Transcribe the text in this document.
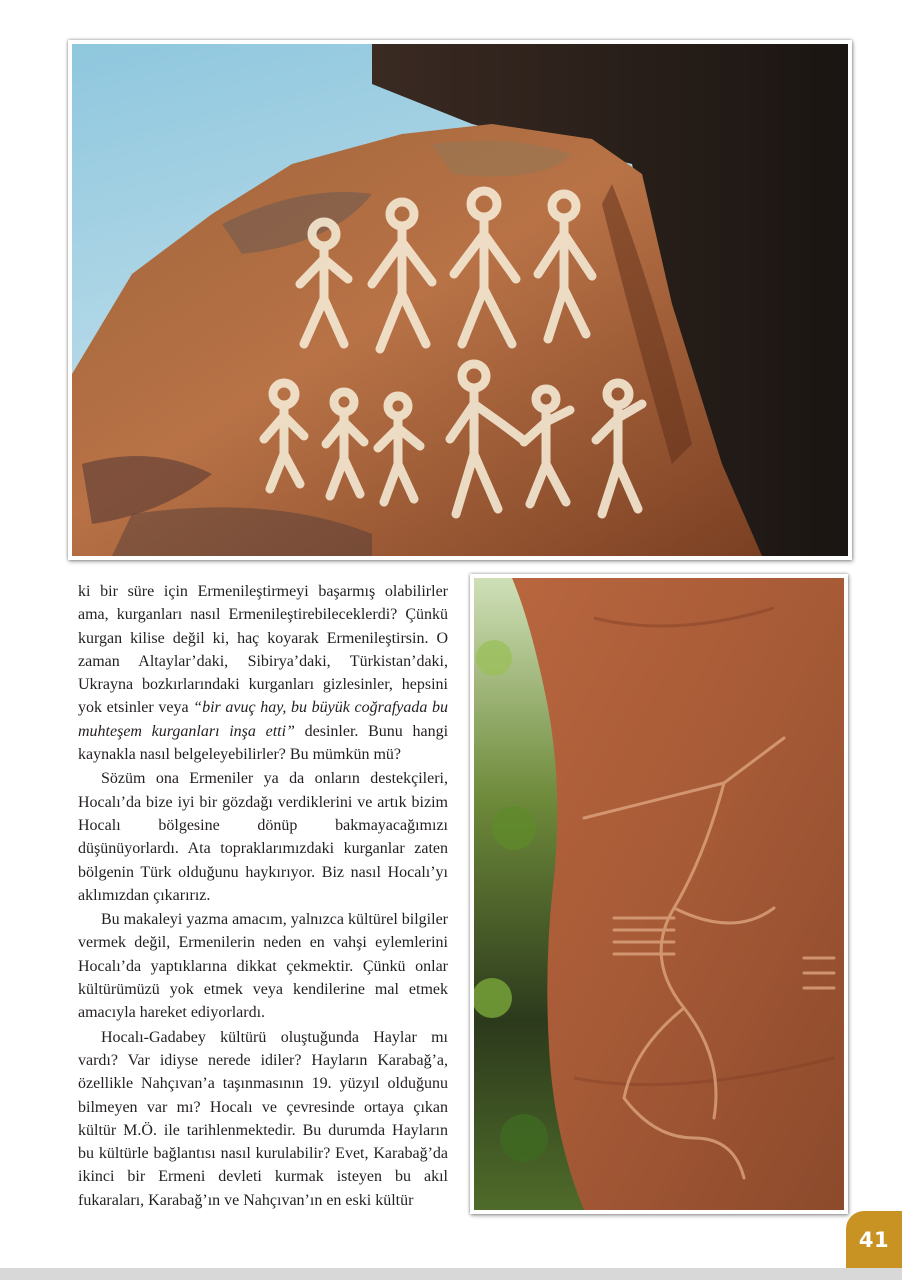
ki bir süre için Ermenileştirmeyi başarmış olabilirler ama, kurganları nasıl Ermenileştirebileceklerdi? Çünkü kurgan kilise değil ki, haç koyarak Ermenileştirsin. O zaman Altaylar’daki, Sibirya’daki, Türkistan’daki, Ukrayna bozkırlarındaki kurganları gizlesinler, hepsini yok etsinler veya “bir avuç hay, bu büyük coğrafyada bu muhteşem kurganları inşa etti” desinler. Bunu hangi kaynakla nasıl belgeleyebilirler? Bu mümkün mü?

Sözüm ona Ermeniler ya da onların destekçileri, Hocalı’da bize iyi bir gözdağı verdiklerini ve artık bizim Hocalı bölgesine dönüp bakmayacağımızı düşünüyorlardı. Ata topraklarımızdaki kurganlar zaten bölgenin Türk olduğunu haykırıyor. Biz nasıl Hocalı’yı aklımızdan çıkarırız.

Bu makaleyi yazma amacım, yalnızca kültürel bilgiler vermek değil, Ermenilerin neden en vahşi eylemlerini Hocalı’da yaptıklarına dikkat çekmektir. Çünkü onlar kültürümüzü yok etmek veya kendilerine mal etmek amacıyla hareket ediyorlardı.

Hocalı-Gadabey kültürü oluştuğunda Haylar mı vardı? Var idiyse nerede idiler? Hayların Karabağ’a, özellikle Nahçıvan’a taşınmasının 19. yüzyıl olduğunu bilmeyen var mı? Hocalı ve çevresinde ortaya çıkan kültür M.Ö. ile tarihlenmektedir. Bu durumda Hayların bu kültürle bağlantısı nasıl kurulabilir? Evet, Karabağ’da ikinci bir Ermeni devleti kurmak isteyen bu akıl fukaraları, Karabağ’ın ve Nahçıvan’ın en eski kültür

41
